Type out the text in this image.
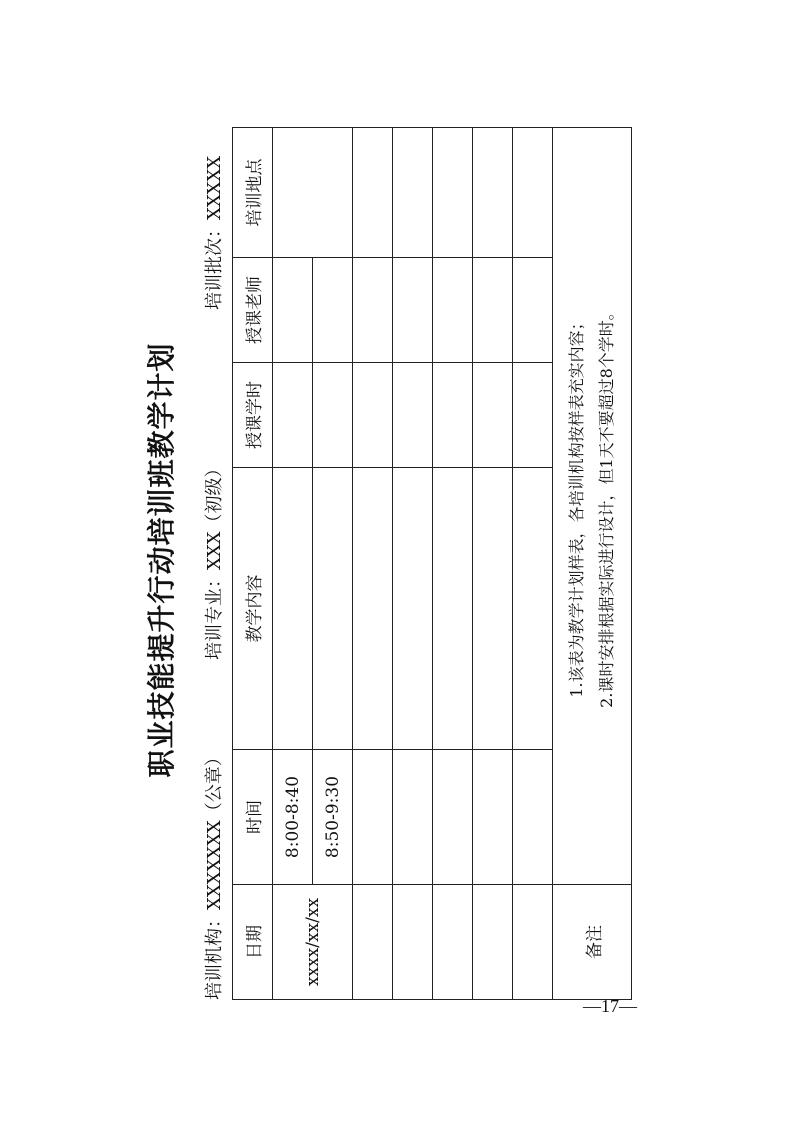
职业技能提升行动培训班教学计划
培训机构：XXXXXXX（公章）
培训专业：XXX（初级）
培训批次：XXXXX
日期	时间	教学内容	授课学时	授课老师	培训地点
xxxx/xx/xx	8:00-8:40				
	8:50-9:30				

备注	1.该表为教学计划样表，各培训机构按样表充实内容； 2.课时安排根据实际进行设计，但1天不要超过8个学时。				
—17—
